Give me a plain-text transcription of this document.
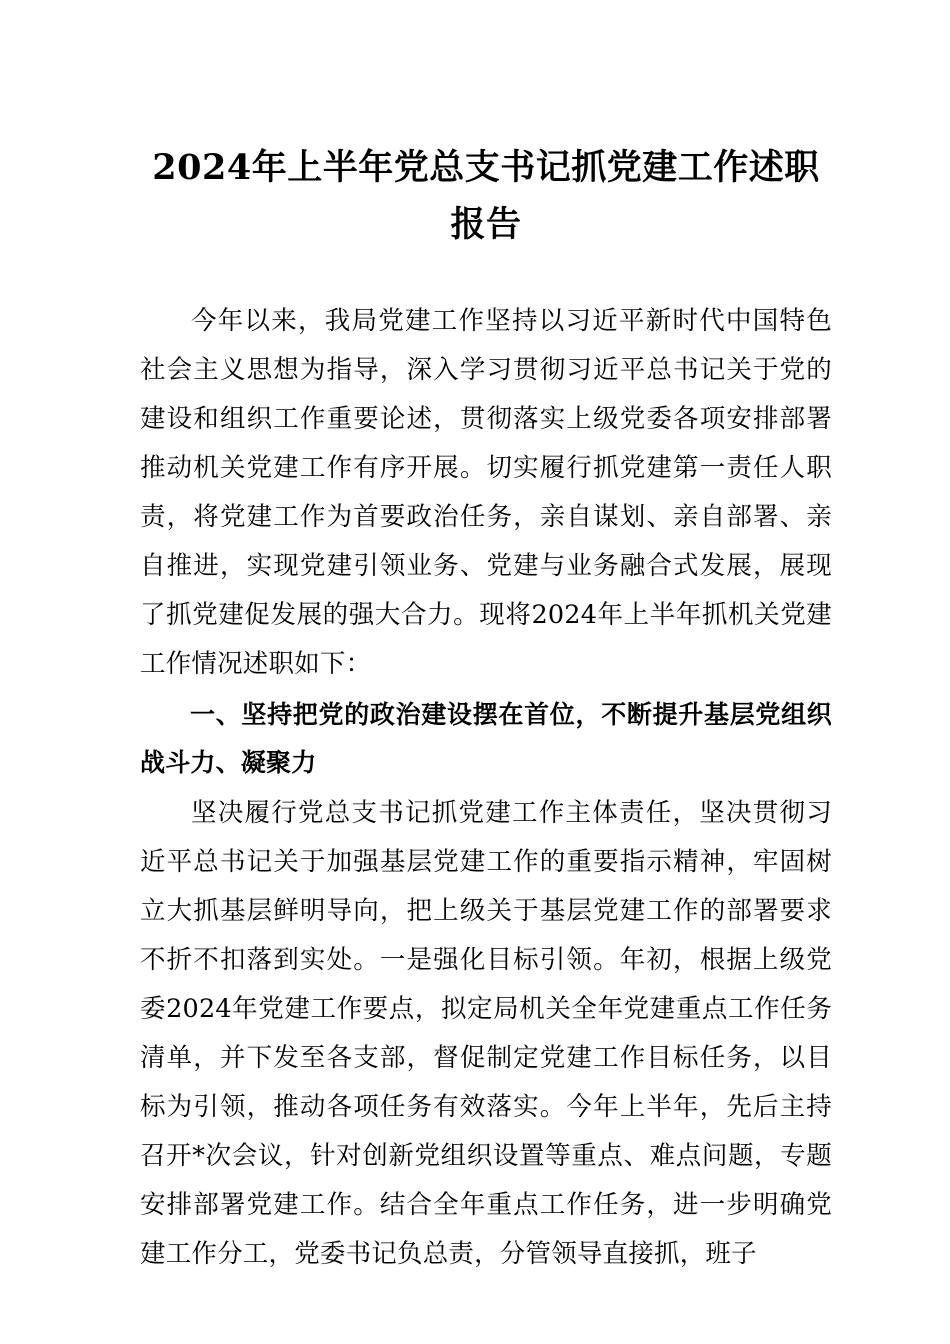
2024年上半年党总支书记抓党建工作述职报告

今年以来，我局党建工作坚持以习近平新时代中国特色社会主义思想为指导，深入学习贯彻习近平总书记关于党的建设和组织工作重要论述，贯彻落实上级党委各项安排部署推动机关党建工作有序开展。切实履行抓党建第一责任人职责，将党建工作为首要政治任务，亲自谋划、亲自部署、亲自推进，实现党建引领业务、党建与业务融合式发展，展现了抓党建促发展的强大合力。现将2024年上半年抓机关党建工作情况述职如下：

一、坚持把党的政治建设摆在首位，不断提升基层党组织战斗力、凝聚力

坚决履行党总支书记抓党建工作主体责任，坚决贯彻习近平总书记关于加强基层党建工作的重要指示精神，牢固树立大抓基层鲜明导向，把上级关于基层党建工作的部署要求不折不扣落到实处。一是强化目标引领。年初，根据上级党委2024年党建工作要点，拟定局机关全年党建重点工作任务清单，并下发至各支部，督促制定党建工作目标任务，以目标为引领，推动各项任务有效落实。今年上半年，先后主持召开*次会议，针对创新党组织设置等重点、难点问题，专题安排部署党建工作。结合全年重点工作任务，进一步明确党建工作分工，党委书记负总责，分管领导直接抓，班子
